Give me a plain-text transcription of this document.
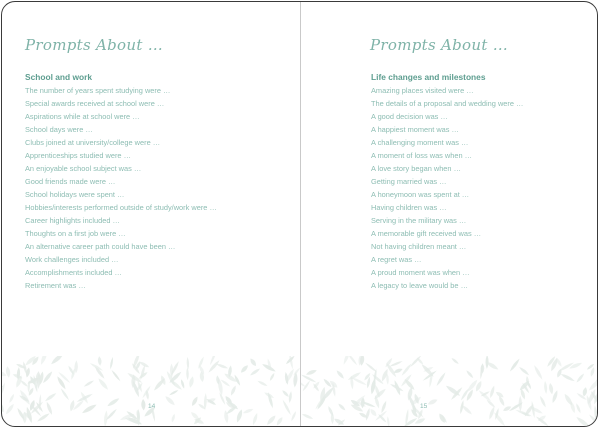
Prompts About …
School and work
The number of years spent studying were …
Special awards received at school were …
Aspirations while at school were …
School days were …
Clubs joined at university/college were …
Apprenticeships studied were …
An enjoyable school subject was …
Good friends made were …
School holidays were spent …
Hobbies/interests performed outside of study/work were …
Career highlights included …
Thoughts on a first job were …
An alternative career path could have been …
Work challenges included …
Accomplishments included …
Retirement was …
14
Prompts About …
Life changes and milestones
Amazing places visited were …
The details of a proposal and wedding were …
A good decision was …
A happiest moment was …
A challenging moment was …
A moment of loss was when …
A love story began when …
Getting married was …
A honeymoon was spent at …
Having children was …
Serving in the military was …
A memorable gift received was …
Not having children meant …
A regret was …
A proud moment was when …
A legacy to leave would be …
15
